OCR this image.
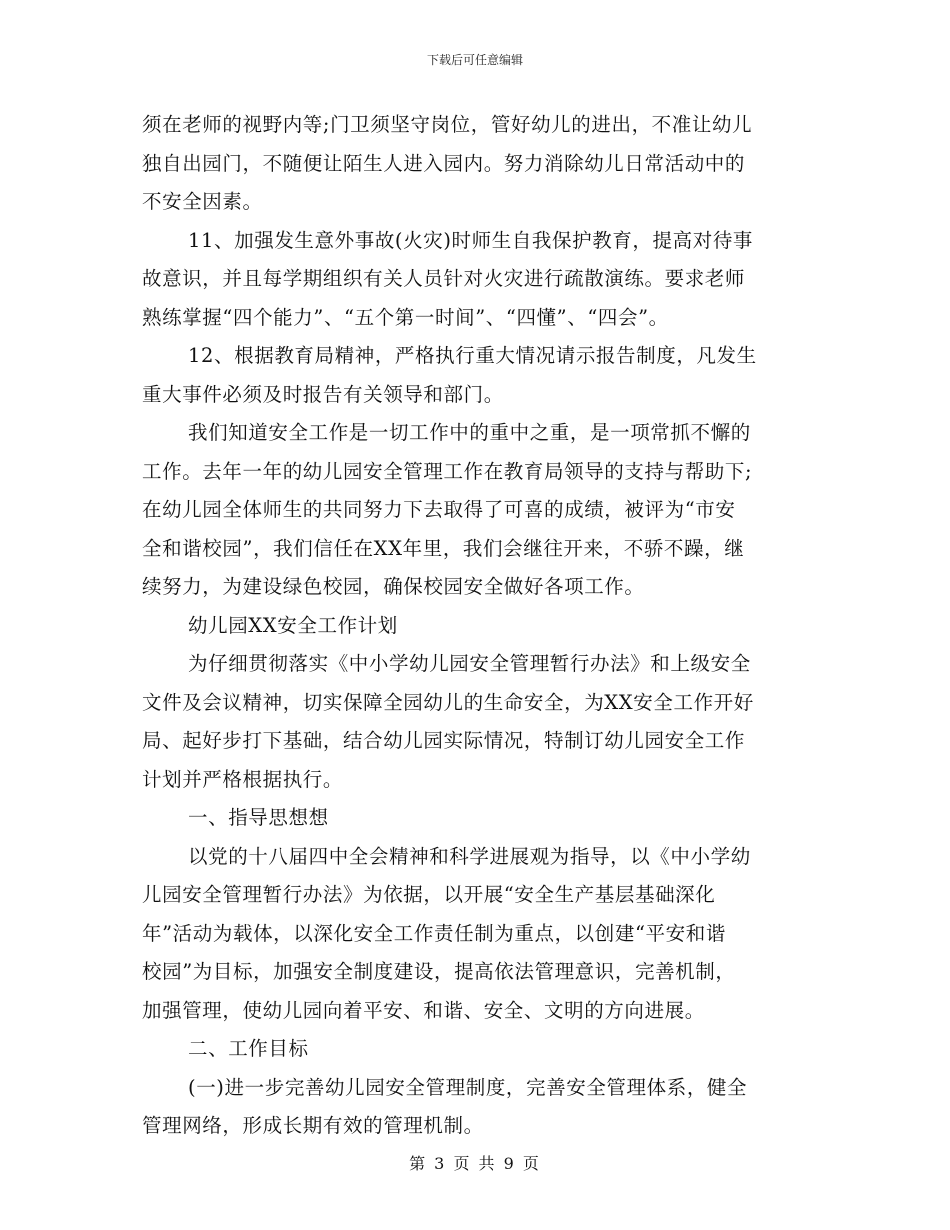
下载后可任意编辑
须在老师的视野内等;门卫须坚守岗位，管好幼儿的进出，不准让幼儿
独自出园门，不随便让陌生人进入园内。努力消除幼儿日常活动中的
不安全因素。
11、加强发生意外事故(火灾)时师生自我保护教育，提高对待事
故意识，并且每学期组织有关人员针对火灾进行疏散演练。要求老师
熟练掌握“四个能力”、“五个第一时间”、“四懂”、“四会”。
12、根据教育局精神，严格执行重大情况请示报告制度，凡发生
重大事件必须及时报告有关领导和部门。
我们知道安全工作是一切工作中的重中之重，是一项常抓不懈的
工作。去年一年的幼儿园安全管理工作在教育局领导的支持与帮助下;
在幼儿园全体师生的共同努力下去取得了可喜的成绩，被评为“市安
全和谐校园”，我们信任在XX年里，我们会继往开来，不骄不躁，继
续努力，为建设绿色校园，确保校园安全做好各项工作。
幼儿园XX安全工作计划
为仔细贯彻落实《中小学幼儿园安全管理暂行办法》和上级安全
文件及会议精神，切实保障全园幼儿的生命安全，为XX安全工作开好
局、起好步打下基础，结合幼儿园实际情况，特制订幼儿园安全工作
计划并严格根据执行。
一、指导思想想
以党的十八届四中全会精神和科学进展观为指导，以《中小学幼
儿园安全管理暂行办法》为依据，以开展“安全生产基层基础深化
年”活动为载体，以深化安全工作责任制为重点，以创建“平安和谐
校园”为目标，加强安全制度建设，提高依法管理意识，完善机制，
加强管理，使幼儿园向着平安、和谐、安全、文明的方向进展。
二、工作目标
(一)进一步完善幼儿园安全管理制度，完善安全管理体系，健全
管理网络，形成长期有效的管理机制。
第 3 页 共 9 页
